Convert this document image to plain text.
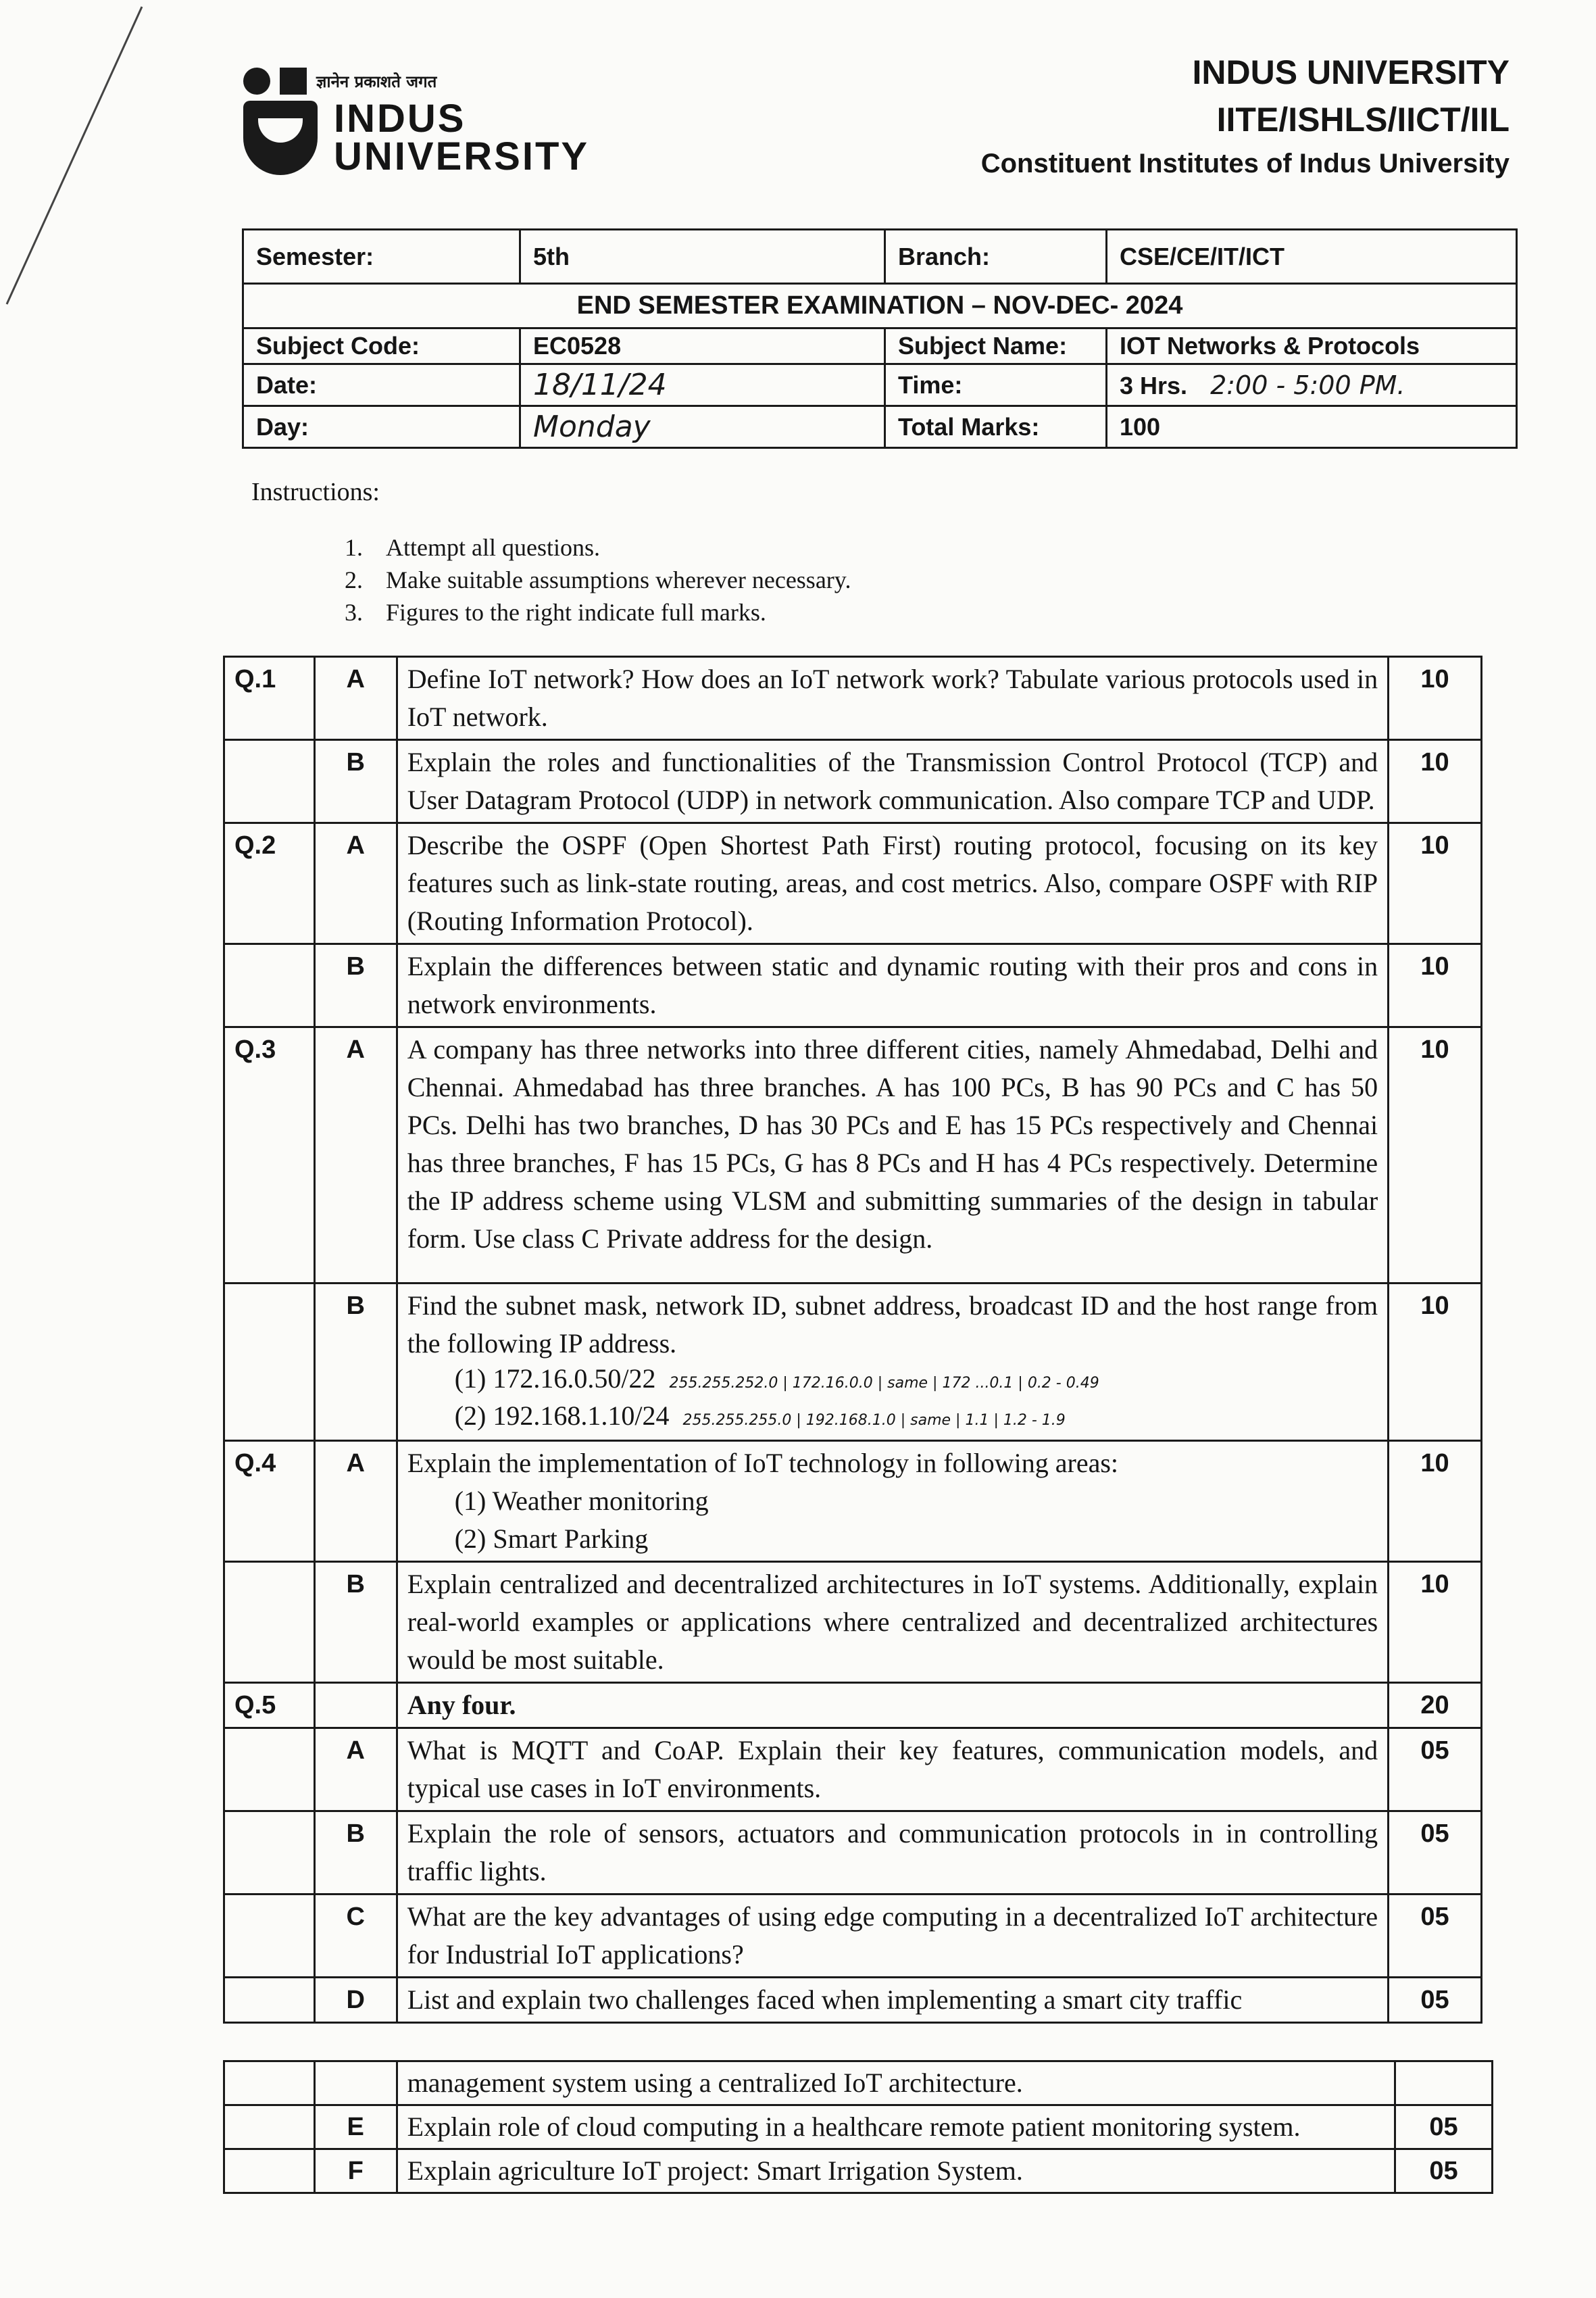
ज्ञानेन प्रकाशते जगत
INDUS
UNIVERSITY
INDUS UNIVERSITY
IITE/ISHLS/IICT/IIL
Constituent Institutes of Indus University
Semester:	5th	Branch:	CSE/CE/IT/ICT
END SEMESTER EXAMINATION – NOV-DEC- 2024			
Subject Code:	EC0528	Subject Name:	IOT Networks & Protocols
Date:	18/11/24	Time:	3 Hrs. 2:00 - 5:00 PM.
Day:	Monday	Total Marks:	100
Instructions:
1. Attempt all questions.
2. Make suitable assumptions wherever necessary.
3. Figures to the right indicate full marks.
Q.1	A	Define IoT network? How does an IoT network work? Tabulate various protocols used in IoT network.	10
	B	Explain the roles and functionalities of the Transmission Control Protocol (TCP) and User Datagram Protocol (UDP) in network communication. Also compare TCP and UDP.	10
Q.2	A	Describe the OSPF (Open Shortest Path First) routing protocol, focusing on its key features such as link-state routing, areas, and cost metrics. Also, compare OSPF with RIP (Routing Information Protocol).	10
	B	Explain the differences between static and dynamic routing with their pros and cons in network environments.	10
Q.3	A	A company has three networks into three different cities, namely Ahmedabad, Delhi and Chennai. Ahmedabad has three branches. A has 100 PCs, B has 90 PCs and C has 50 PCs. Delhi has two branches, D has 30 PCs and E has 15 PCs respectively and Chennai has three branches, F has 15 PCs, G has 8 PCs and H has 4 PCs respectively. Determine the IP address scheme using VLSM and submitting summaries of the design in tabular form. Use class C Private address for the design.	10
	B	Find the subnet mask, network ID, subnet address, broadcast ID and the host range from the following IP address.
(1) 172.16.0.50/22 255.255.252.0 | 172.16.0.0 | same | 172 ...0.1 | 0.2 - 0.49
(2) 192.168.1.10/24 255.255.255.0 | 192.168.1.0 | same | 1.1 | 1.2 - 1.9	10
Q.4	A	Explain the implementation of IoT technology in following areas:
(1) Weather monitoring
(2) Smart Parking	10
	B	Explain centralized and decentralized architectures in IoT systems. Additionally, explain real-world examples or applications where centralized and decentralized architectures would be most suitable.	10
Q.5		Any four.	20
	A	What is MQTT and CoAP. Explain their key features, communication models, and typical use cases in IoT environments.	05
	B	Explain the role of sensors, actuators and communication protocols in in controlling traffic lights.	05
	C	What are the key advantages of using edge computing in a decentralized IoT architecture for Industrial IoT applications?	05
	D	List and explain two challenges faced when implementing a smart city traffic	05
		management system using a centralized IoT architecture.	
	E	Explain role of cloud computing in a healthcare remote patient monitoring system.	05
	F	Explain agriculture IoT project: Smart Irrigation System.	05
